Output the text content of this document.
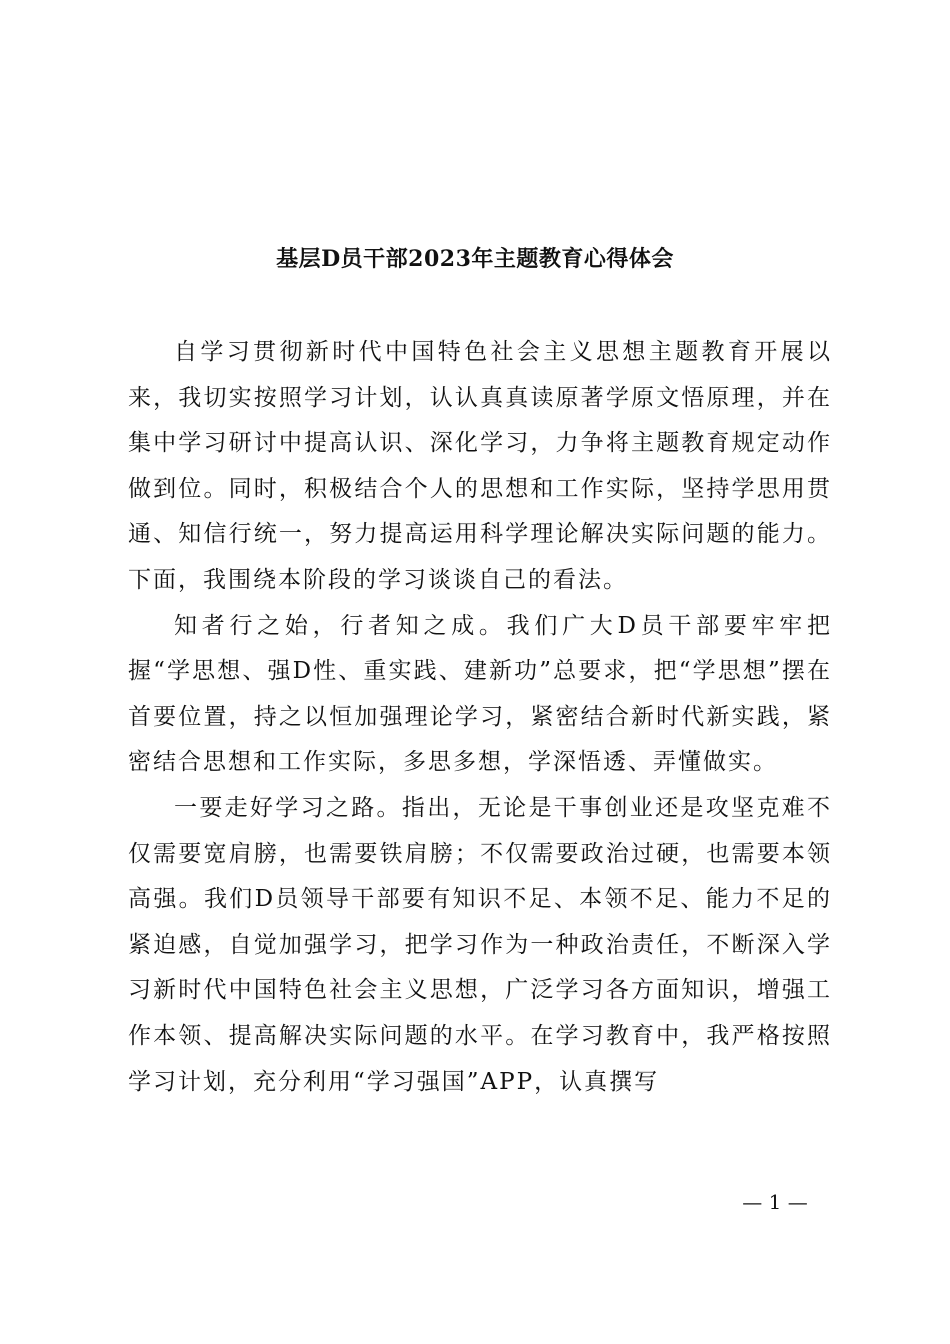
基层D员干部2023年主题教育心得体会

自学习贯彻新时代中国特色社会主义思想主题教育开展以来，我切实按照学习计划，认认真真读原著学原文悟原理，并在集中学习研讨中提高认识、深化学习，力争将主题教育规定动作做到位。同时，积极结合个人的思想和工作实际，坚持学思用贯通、知信行统一，努力提高运用科学理论解决实际问题的能力。下面，我围绕本阶段的学习谈谈自己的看法。

知者行之始，行者知之成。我们广大D员干部要牢牢把握“学思想、强D性、重实践、建新功”总要求，把“学思想”摆在首要位置，持之以恒加强理论学习，紧密结合新时代新实践，紧密结合思想和工作实际，多思多想，学深悟透、弄懂做实。

一要走好学习之路。指出，无论是干事创业还是攻坚克难不仅需要宽肩膀，也需要铁肩膀；不仅需要政治过硬，也需要本领高强。我们D员领导干部要有知识不足、本领不足、能力不足的紧迫感，自觉加强学习，把学习作为一种政治责任，不断深入学习新时代中国特色社会主义思想，广泛学习各方面知识，增强工作本领、提高解决实际问题的水平。在学习教育中，我严格按照学习计划，充分利用“学习强国”APP，认真撰写

— 1 —
